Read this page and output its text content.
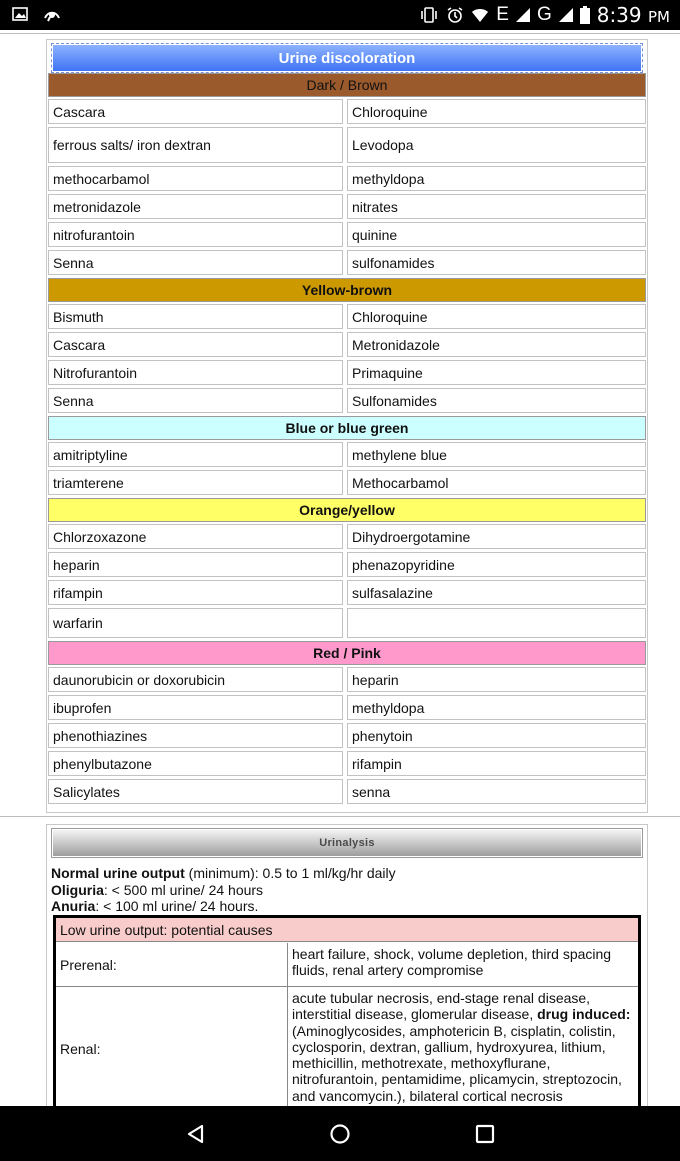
E G 8:39 PM
Urine discoloration
Dark / Brown
Cascara	Chloroquine
ferrous salts/ iron dextran	Levodopa
methocarbamol	methyldopa
metronidazole	nitrates
nitrofurantoin	quinine
Senna	sulfonamides
Yellow-brown
Bismuth	Chloroquine
Cascara	Metronidazole
Nitrofurantoin	Primaquine
Senna	Sulfonamides
Blue or blue green
amitriptyline	methylene blue
triamterene	Methocarbamol
Orange/yellow
Chlorzoxazone	Dihydroergotamine
heparin	phenazopyridine
rifampin	sulfasalazine
warfarin
Red / Pink
daunorubicin or doxorubicin	heparin
ibuprofen	methyldopa
phenothiazines	phenytoin
phenylbutazone	rifampin
Salicylates	senna
Urinalysis
Normal urine output (minimum): 0.5 to 1 ml/kg/hr daily
Oliguria: < 500 ml urine/ 24 hours
Anuria: < 100 ml urine/ 24 hours.
Low urine output: potential causes
Prerenal:
heart failure, shock, volume depletion, third spacing fluids, renal artery compromise
Renal:
acute tubular necrosis, end-stage renal disease, interstitial disease, glomerular disease, drug induced: (Aminoglycosides, amphotericin B, cisplatin, colistin, cyclosporin, dextran, gallium, hydroxyurea, lithium, methicillin, methotrexate, methoxyflurane, nitrofurantoin, pentamidime, plicamycin, streptozocin, and vancomycin.), bilateral cortical necrosis
